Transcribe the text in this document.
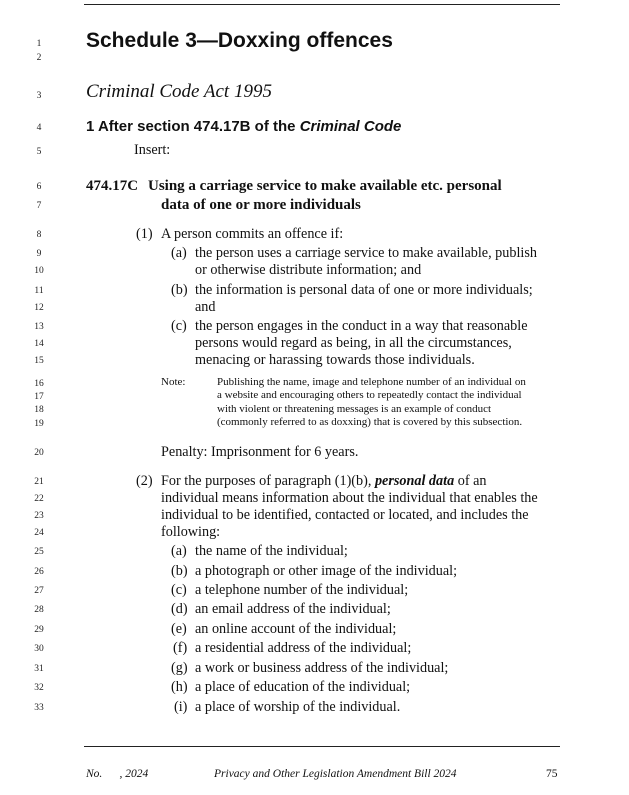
1
2
3
4
5
6
7
8
9
10
11
12
13
14
15
16
17
18
19
20
21
22
23
24
25
26
27
28
29
30
31
32
33
Schedule 3—Doxxing offences
Criminal Code Act 1995
1 After section 474.17B of the Criminal Code
Insert:
474.17C Using a carriage service to make available etc. personal
data of one or more individuals
(1) A person commits an offence if:
(a) the person uses a carriage service to make available, publish
or otherwise distribute information; and
(b) the information is personal data of one or more individuals;
and
(c) the person engages in the conduct in a way that reasonable
persons would regard as being, in all the circumstances,
menacing or harassing towards those individuals.
Note:	Publishing the name, image and telephone number of an individual on
a website and encouraging others to repeatedly contact the individual
with violent or threatening messages is an example of conduct
(commonly referred to as doxxing) that is covered by this subsection.
Penalty: Imprisonment for 6 years.
(2) For the purposes of paragraph (1)(b), personal data of an
individual means information about the individual that enables the
individual to be identified, contacted or located, and includes the
following:
(a) the name of the individual;
(b) a photograph or other image of the individual;
(c) a telephone number of the individual;
(d) an email address of the individual;
(e) an online account of the individual;
(f) a residential address of the individual;
(g) a work or business address of the individual;
(h) a place of education of the individual;
(i) a place of worship of the individual.
No.      , 2024	Privacy and Other Legislation Amendment Bill 2024	75
